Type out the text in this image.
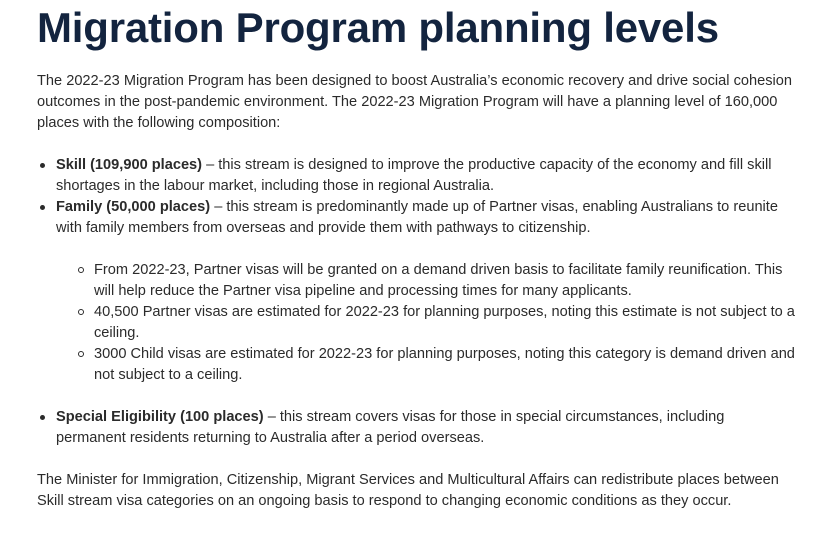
Migration Program planning levels

The 2022-23 Migration Program has been designed to boost Australia’s economic recovery and drive social cohesion outcomes in the post-pandemic environment. The 2022-23 Migration Program will have a planning level of 160,000 places with the following composition:

Skill (109,900 places) – this stream is designed to improve the productive capacity of the economy and fill skill shortages in the labour market, including those in regional Australia.
Family (50,000 places) – this stream is predominantly made up of Partner visas, enabling Australians to reunite with family members from overseas and provide them with pathways to citizenship.
From 2022-23, Partner visas will be granted on a demand driven basis to facilitate family reunification. This will help reduce the Partner visa pipeline and processing times for many applicants.
40,500 Partner visas are estimated for 2022-23 for planning purposes, noting this estimate is not subject to a ceiling.
3000 Child visas are estimated for 2022-23 for planning purposes, noting this category is demand driven and not subject to a ceiling.
Special Eligibility (100 places) – this stream covers visas for those in special circumstances, including permanent residents returning to Australia after a period overseas.

The Minister for Immigration, Citizenship, Migrant Services and Multicultural Affairs can redistribute places between Skill stream visa categories on an ongoing basis to respond to changing economic conditions as they occur.
